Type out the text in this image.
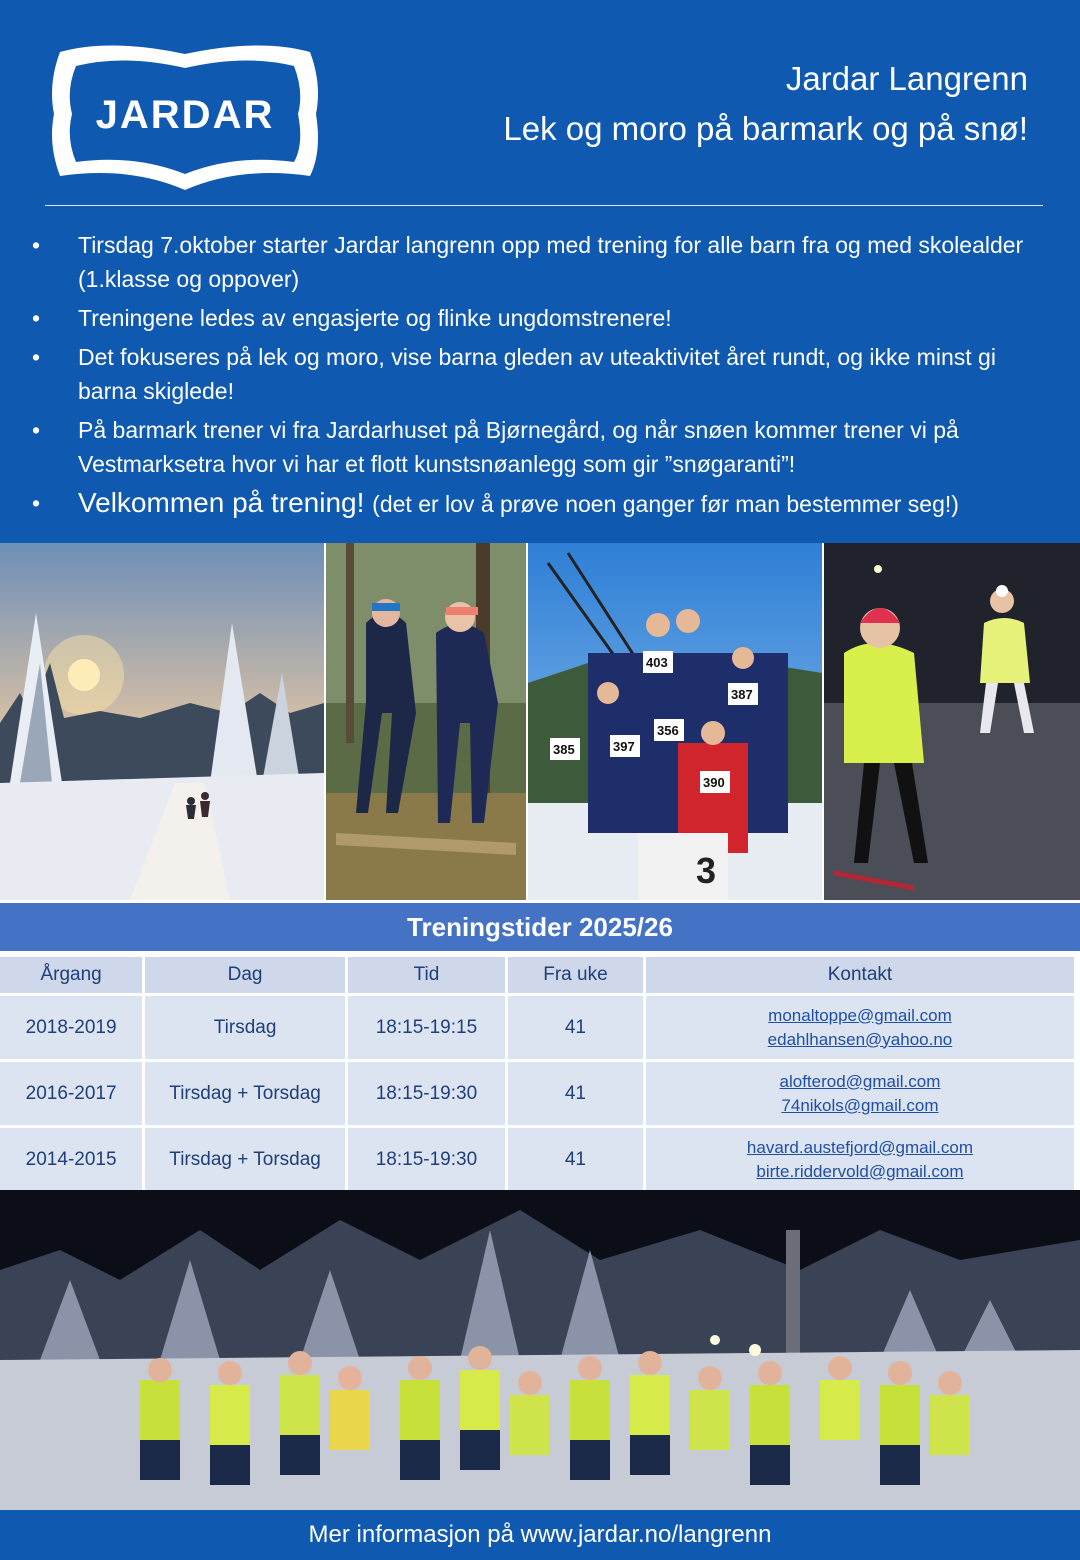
JARDAR
Jardar Langrenn
Lek og moro på barmark og på snø!
• Tirsdag 7.oktober starter Jardar langrenn opp med trening for alle barn fra og med skolealder (1.klasse og oppover)
• Treningene ledes av engasjerte og flinke ungdomstrenere!
• Det fokuseres på lek og moro, vise barna gleden av uteaktivitet året rundt, og ikke minst gi barna skiglede!
• På barmark trener vi fra Jardarhuset på Bjørnegård, og når snøen kommer trener vi på Vestmarksetra hvor vi har et flott kunstsnøanlegg som gir ”snøgaranti”!
• Velkommen på trening! (det er lov å prøve noen ganger før man bestemmer seg!)
3
403
387
385	397
356
390
Treningstider 2025/26
Årgang	Dag	Tid	Fra uke	Kontakt
2018-2019	Tirsdag	18:15-19:15	41	monaltoppe@gmail.com
edahlhansen@yahoo.no

2016-2017	Tirsdag + Torsdag	18:15-19:30	41	alofterod@gmail.com
74nikols@gmail.com

2014-2015	Tirsdag + Torsdag	18:15-19:30	41	havard.austefjord@gmail.com
birte.riddervold@gmail.com
Mer informasjon på www.jardar.no/langrenn
